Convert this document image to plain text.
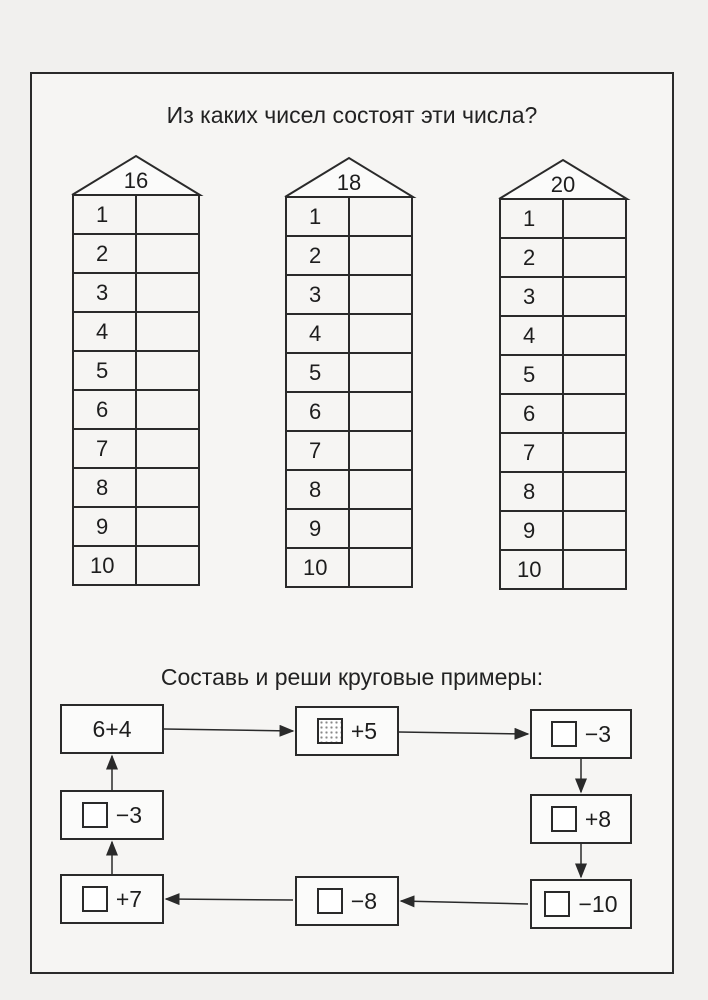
Из каких чисел состоят эти числа?
16
1	
2	
3	
4	
5	
6	
7	
8	
9	
10	
18
1	
2	
3	
4	
5	
6	
7	
8	
9	
10	
20
1	
2	
3	
4	
5	
6	
7	
8	
9	
10	
Составь и реши круговые примеры:
6+4	+5	−3
+8
−10
−8
+7
−3
